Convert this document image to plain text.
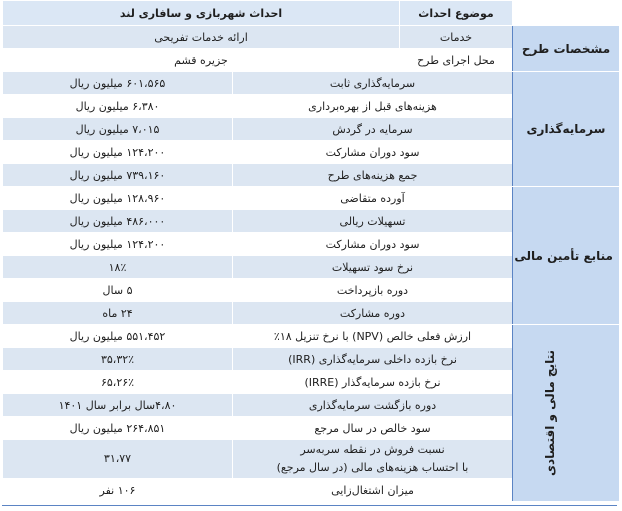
	موضوع احداث	احداث شهربازی و سافاری لند	
مشخصات طرح	خدمات	ارائه خدمات تفریحی	
	محل اجرای طرح	جزیره قشم	
سرمایه‌گذاری	سرمایه‌گذاری ثابت		۶۰۱،۵۶۵ میلیون ریال
	هزینه‌های قبل از بهره‌برداری		۶،۳۸۰ میلیون ریال
	سرمایه در گردش		۷،۰۱۵ میلیون ریال
	سود دوران مشارکت		۱۲۴،۲۰۰ میلیون ریال
	جمع هزینه‌های طرح		۷۳۹،۱۶۰ میلیون ریال
منابع تأمین مالی	آورده متقاضی		۱۲۸،۹۶۰ میلیون ریال
	تسهیلات ریالی		۴۸۶،۰۰۰ میلیون ریال
	سود دوران مشارکت		۱۲۴،۲۰۰ میلیون ریال
	نرخ سود تسهیلات		۱۸٪
	دوره بازپرداخت		۵ سال
	دوره مشارکت		۲۴ ماه
نتایج مالی و اقتصادی	ارزش فعلی خالص (NPV) با نرخ تنزیل ۱۸٪		۵۵۱،۴۵۲ میلیون ریال
	نرخ بازده داخلی سرمایه‌گذاری (IRR)		۳۵،۳۲٪
	نرخ بازده سرمایه‌گذار (IRRE)		۶۵،۲۶٪
	دوره بازگشت سرمایه‌گذاری		۴،۸۰سال برابر سال ۱۴۰۱
	سود خالص در سال مرجع		۲۶۴،۸۵۱ میلیون ریال

	نسبت فروش در نقطه سربه‌سر
با احتساب هزینه‌های مالی (در سال مرجع)		۳۱،۷۷
	میزان اشتغال‌زایی		۱۰۶ نفر
